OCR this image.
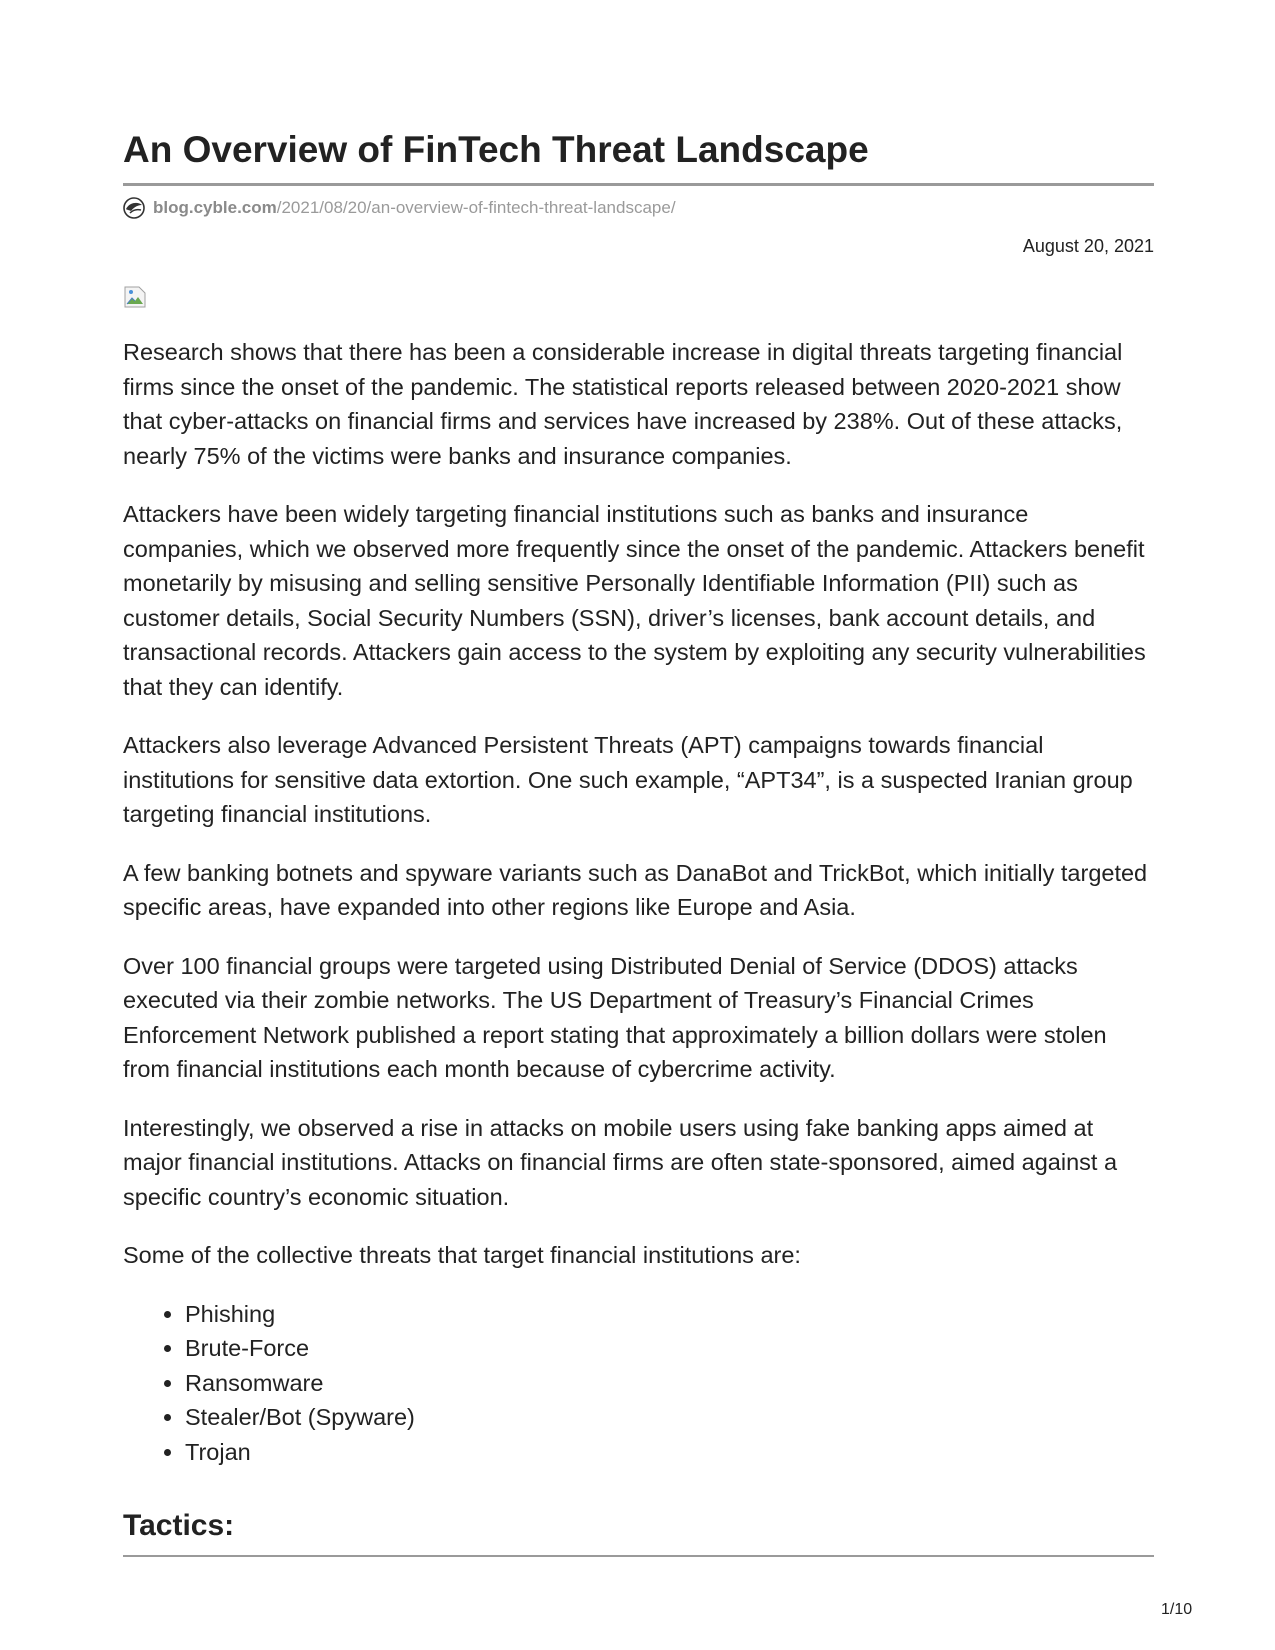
An Overview of FinTech Threat Landscape
blog.cyble.com /2021/08/20/an-overview-of-fintech-threat-landscape/
August 20, 2021

Research shows that there has been a considerable increase in digital threats targeting financial firms since the onset of the pandemic. The statistical reports released between 2020-2021 show that cyber-attacks on financial firms and services have increased by 238%. Out of these attacks, nearly 75% of the victims were banks and insurance companies.

Attackers have been widely targeting financial institutions such as banks and insurance companies, which we observed more frequently since the onset of the pandemic. Attackers benefit monetarily by misusing and selling sensitive Personally Identifiable Information (PII) such as customer details, Social Security Numbers (SSN), driver’s licenses, bank account details, and transactional records. Attackers gain access to the system by exploiting any security vulnerabilities that they can identify.

Attackers also leverage Advanced Persistent Threats (APT) campaigns towards financial institutions for sensitive data extortion. One such example, “APT34”, is a suspected Iranian group targeting financial institutions.

A few banking botnets and spyware variants such as DanaBot and TrickBot, which initially targeted specific areas, have expanded into other regions like Europe and Asia.

Over 100 financial groups were targeted using Distributed Denial of Service (DDOS) attacks executed via their zombie networks. The US Department of Treasury’s Financial Crimes Enforcement Network published a report stating that approximately a billion dollars were stolen from financial institutions each month because of cybercrime activity.

Interestingly, we observed a rise in attacks on mobile users using fake banking apps aimed at major financial institutions. Attacks on financial firms are often state-sponsored, aimed against a specific country’s economic situation.

Some of the collective threats that target financial institutions are:

• Phishing
• Brute-Force
• Ransomware
• Stealer/Bot (Spyware)
• Trojan
Tactics:
1/10
